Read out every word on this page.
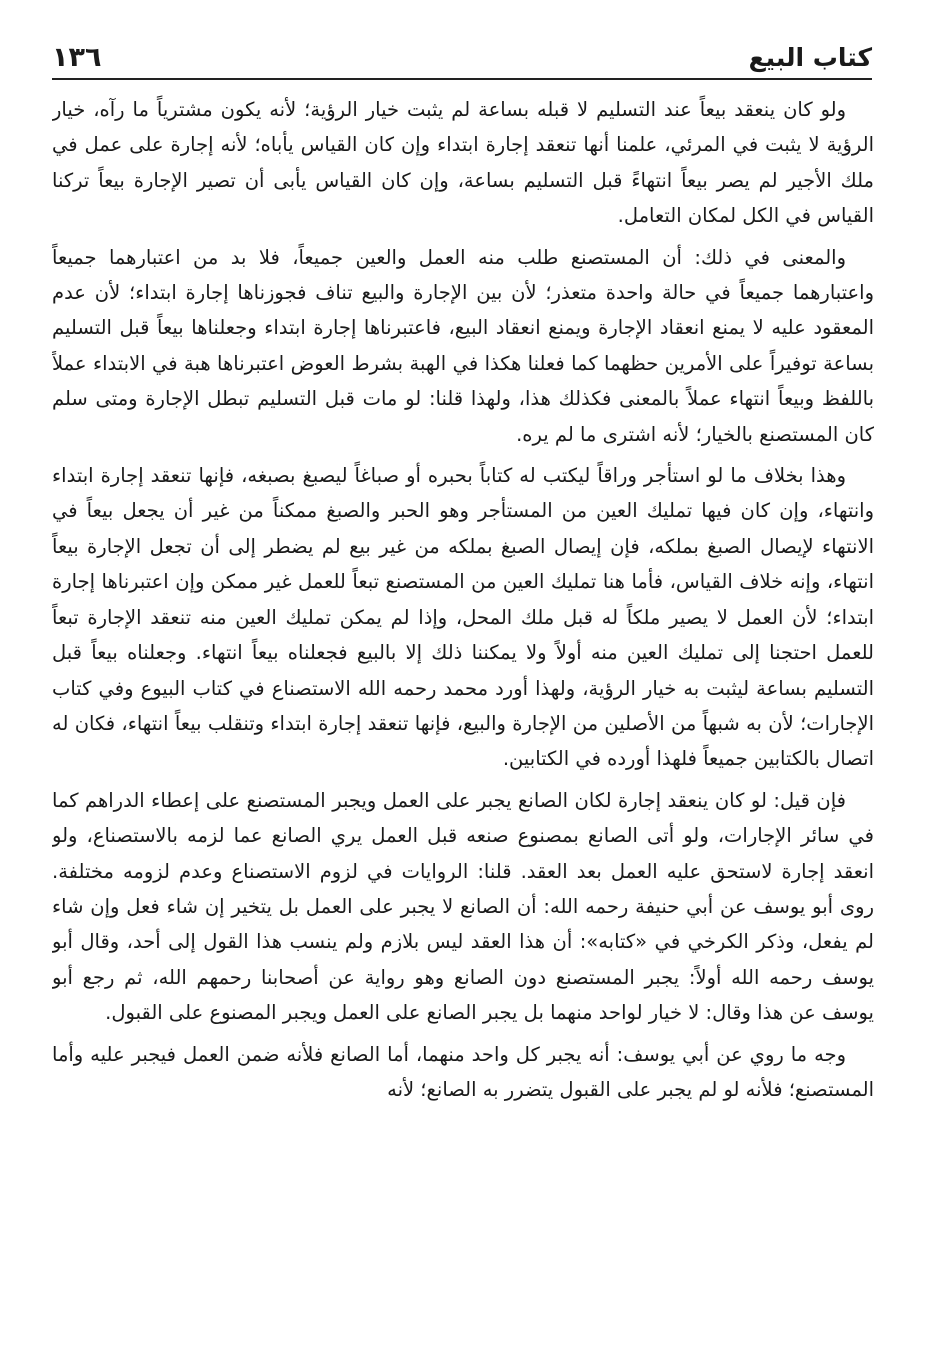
كتاب البيع
١٣٦

ولو كان ينعقد بيعاً عند التسليم لا قبله بساعة لم يثبت خيار الرؤية؛ لأنه يكون مشترياً ما رآه، خيار الرؤية لا يثبت في المرئي، علمنا أنها تنعقد إجارة ابتداء وإن كان القياس يأباه؛ لأنه إجارة على عمل في ملك الأجير لم يصر بيعاً انتهاءً قبل التسليم بساعة، وإن كان القياس يأبى أن تصير الإجارة بيعاً تركنا القياس في الكل لمكان التعامل.

والمعنى في ذلك: أن المستصنع طلب منه العمل والعين جميعاً، فلا بد من اعتبارهما جميعاً واعتبارهما جميعاً في حالة واحدة متعذر؛ لأن بين الإجارة والبيع تناف فجوزناها إجارة ابتداء؛ لأن عدم المعقود عليه لا يمنع انعقاد الإجارة ويمنع انعقاد البيع، فاعتبرناها إجارة ابتداء وجعلناها بيعاً قبل التسليم بساعة توفيراً على الأمرين حظهما كما فعلنا هكذا في الهبة بشرط العوض اعتبرناها هبة في الابتداء عملاً باللفظ وبيعاً انتهاء عملاً بالمعنى فكذلك هذا، ولهذا قلنا: لو مات قبل التسليم تبطل الإجارة ومتى سلم كان المستصنع بالخيار؛ لأنه اشترى ما لم يره.

وهذا بخلاف ما لو استأجر وراقاً ليكتب له كتاباً بحبره أو صباغاً ليصبغ بصبغه، فإنها تنعقد إجارة ابتداء وانتهاء، وإن كان فيها تمليك العين من المستأجر وهو الحبر والصبغ ممكناً من غير أن يجعل بيعاً في الانتهاء لإيصال الصبغ بملكه، فإن إيصال الصبغ بملكه من غير بيع لم يضطر إلى أن تجعل الإجارة بيعاً انتهاء، وإنه خلاف القياس، فأما هنا تمليك العين من المستصنع تبعاً للعمل غير ممكن وإن اعتبرناها إجارة ابتداء؛ لأن العمل لا يصير ملكاً له قبل ملك المحل، وإذا لم يمكن تمليك العين منه تنعقد الإجارة تبعاً للعمل احتجنا إلى تمليك العين منه أولاً ولا يمكننا ذلك إلا بالبيع فجعلناه بيعاً انتهاء. وجعلناه بيعاً قبل التسليم بساعة ليثبت به خيار الرؤية، ولهذا أورد محمد رحمه الله الاستصناع في كتاب البيوع وفي كتاب الإجارات؛ لأن به شبهاً من الأصلين من الإجارة والبيع، فإنها تنعقد إجارة ابتداء وتنقلب بيعاً انتهاء، فكان له اتصال بالكتابين جميعاً فلهذا أورده في الكتابين.

فإن قيل: لو كان ينعقد إجارة لكان الصانع يجبر على العمل ويجبر المستصنع على إعطاء الدراهم كما في سائر الإجارات، ولو أتى الصانع بمصنوع صنعه قبل العمل يري الصانع عما لزمه بالاستصناع، ولو انعقد إجارة لاستحق عليه العمل بعد العقد. قلنا: الروايات في لزوم الاستصناع وعدم لزومه مختلفة. روى أبو يوسف عن أبي حنيفة رحمه الله: أن الصانع لا يجبر على العمل بل يتخير إن شاء فعل وإن شاء لم يفعل، وذكر الكرخي في «كتابه»: أن هذا العقد ليس بلازم ولم ينسب هذا القول إلى أحد، وقال أبو يوسف رحمه الله أولاً: يجبر المستصنع دون الصانع وهو رواية عن أصحابنا رحمهم الله، ثم رجع أبو يوسف عن هذا وقال: لا خيار لواحد منهما بل يجبر الصانع على العمل ويجبر المصنوع على القبول.

وجه ما روي عن أبي يوسف: أنه يجبر كل واحد منهما، أما الصانع فلأنه ضمن العمل فيجبر عليه وأما المستصنع؛ فلأنه لو لم يجبر على القبول يتضرر به الصانع؛ لأنه
